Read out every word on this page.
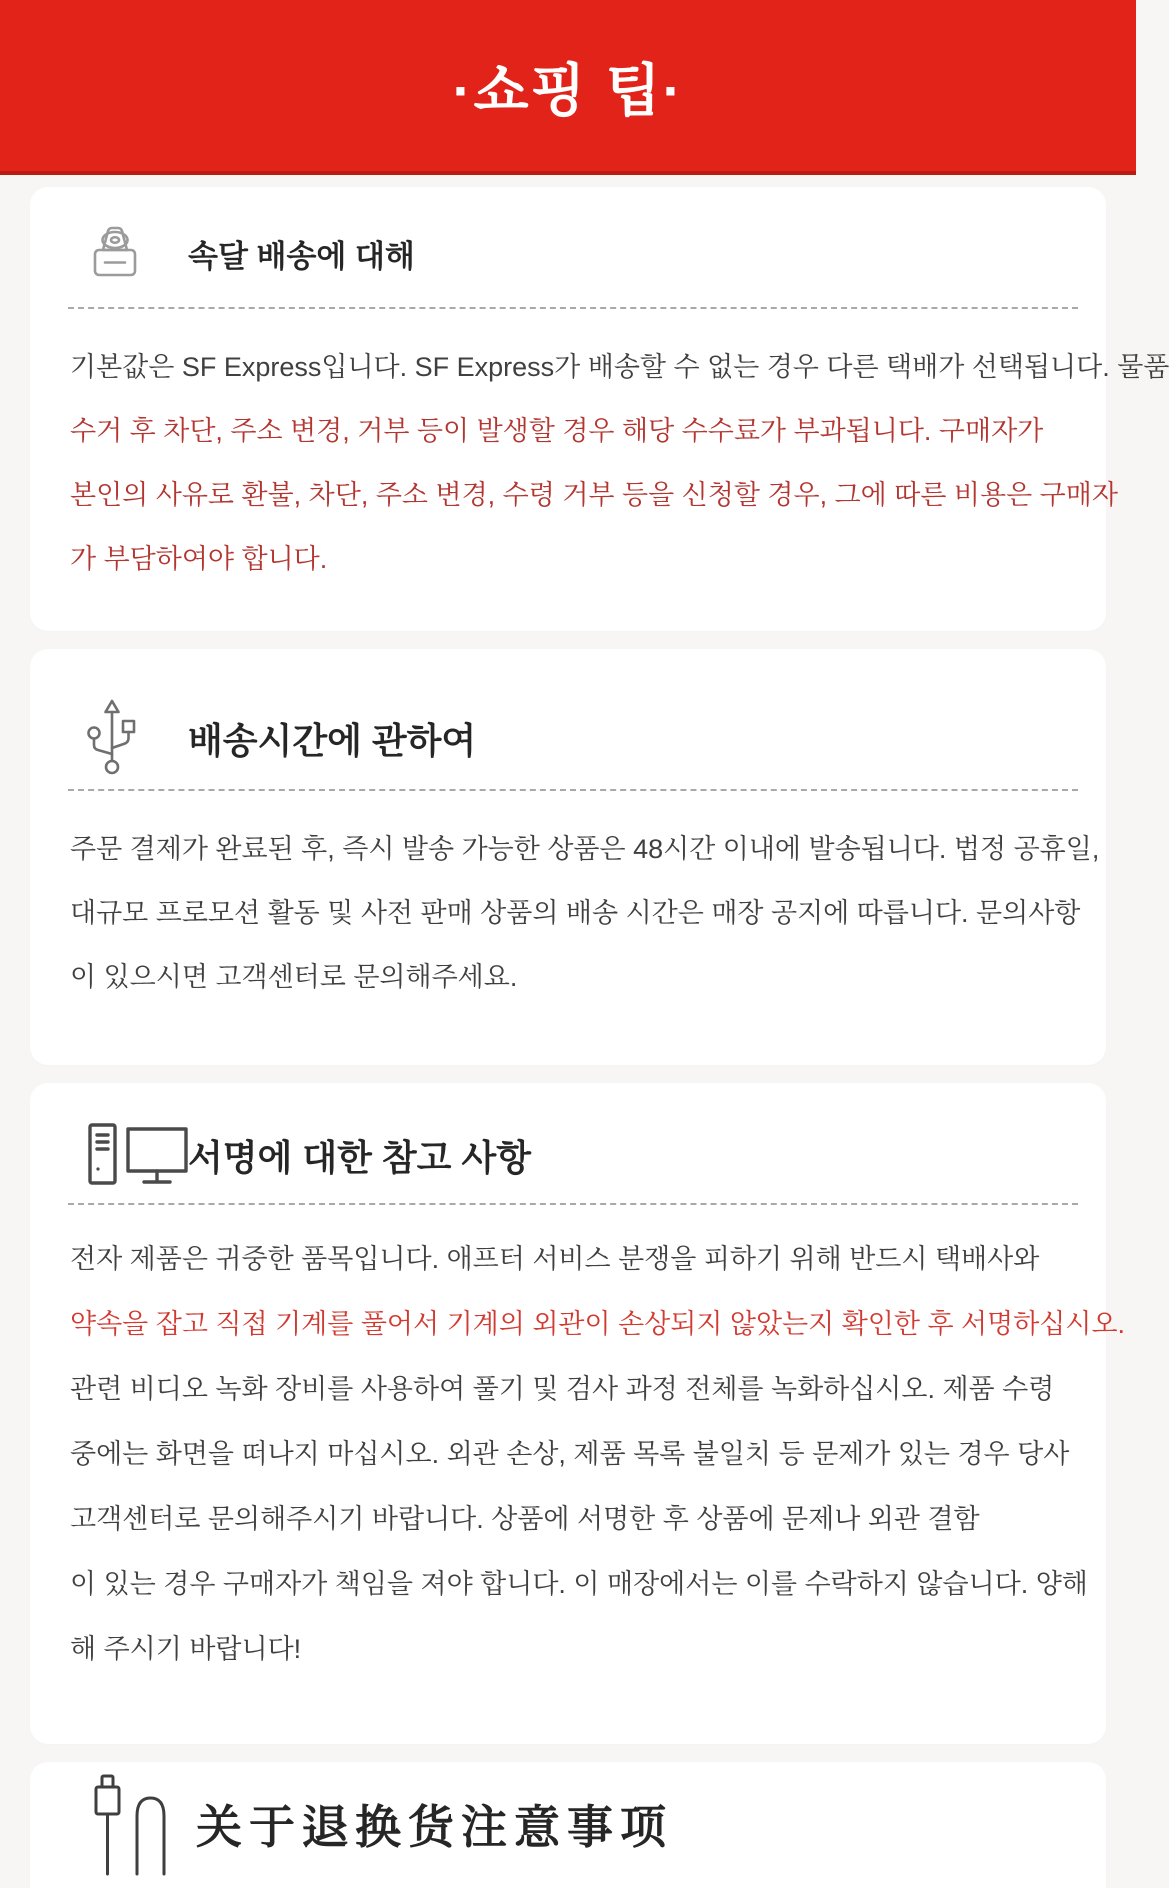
·쇼핑 팁·
속달 배송에 대해
기본값은 SF Express입니다. SF Express가 배송할 수 없는 경우 다른 택배가 선택됩니다. 물품
수거 후 차단, 주소 변경, 거부 등이 발생할 경우 해당 수수료가 부과됩니다. 구매자가
본인의 사유로 환불, 차단, 주소 변경, 수령 거부 등을 신청할 경우, 그에 따른 비용은 구매자
가 부담하여야 합니다.
배송시간에 관하여
주문 결제가 완료된 후, 즉시 발송 가능한 상품은 48시간 이내에 발송됩니다. 법정 공휴일,
대규모 프로모션 활동 및 사전 판매 상품의 배송 시간은 매장 공지에 따릅니다. 문의사항
이 있으시면 고객센터로 문의해주세요.
서명에 대한 참고 사항
전자 제품은 귀중한 품목입니다. 애프터 서비스 분쟁을 피하기 위해 반드시 택배사와
약속을 잡고 직접 기계를 풀어서 기계의 외관이 손상되지 않았는지 확인한 후 서명하십시오.
관련 비디오 녹화 장비를 사용하여 풀기 및 검사 과정 전체를 녹화하십시오. 제품 수령
중에는 화면을 떠나지 마십시오. 외관 손상, 제품 목록 불일치 등 문제가 있는 경우 당사
고객센터로 문의해주시기 바랍니다. 상품에 서명한 후 상품에 문제나 외관 결함
이 있는 경우 구매자가 책임을 져야 합니다. 이 매장에서는 이를 수락하지 않습니다. 양해
해 주시기 바랍니다!
关于退换货注意事项
